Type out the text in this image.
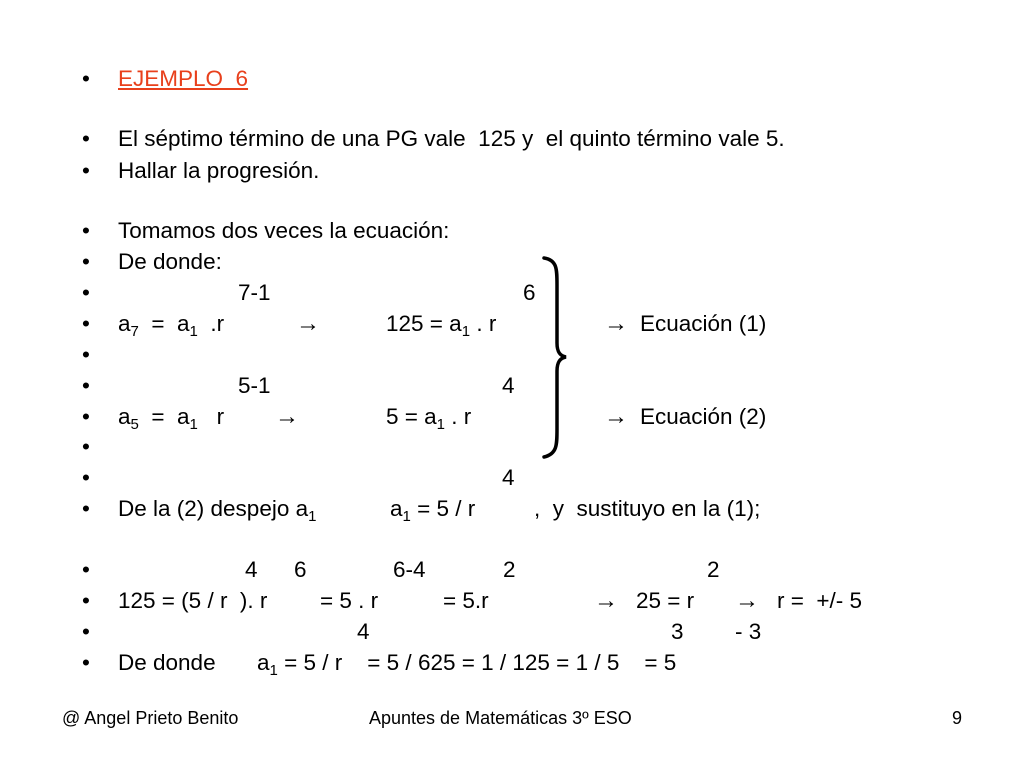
•
•
•
•
•
•
•
•
•
•
•
•
•
•
•
•
•
EJEMPLO  6
El séptimo término de una PG vale  125 y  el quinto término vale 5.
Hallar la progresión.
Tomamos dos veces la ecuación:
De donde:
7-1	6
$a_7 = a_1$ .r	→	$125 = a_1$ . r	→ Ecuación (1)
5-1	4
$a_5 = a_1$ r →	$5 = a_1$ . r	→ Ecuación (2)
4
De la (2) despejo $a_1$	$a_1 = 5 / r$	,  y  sustituyo en la (1);
4 6	6-4	2	2
125 = (5 / r  ). r = 5 . r	= 5.r	→ 25 = r → r =  +/- 5
4	3 - 3
De donde $a_1 = 5 / r$    = 5 / 625 = 1 / 125 = 1 / 5    = 5
@ Angel Prieto Benito	Apuntes de Matemáticas 3º ESO	9
